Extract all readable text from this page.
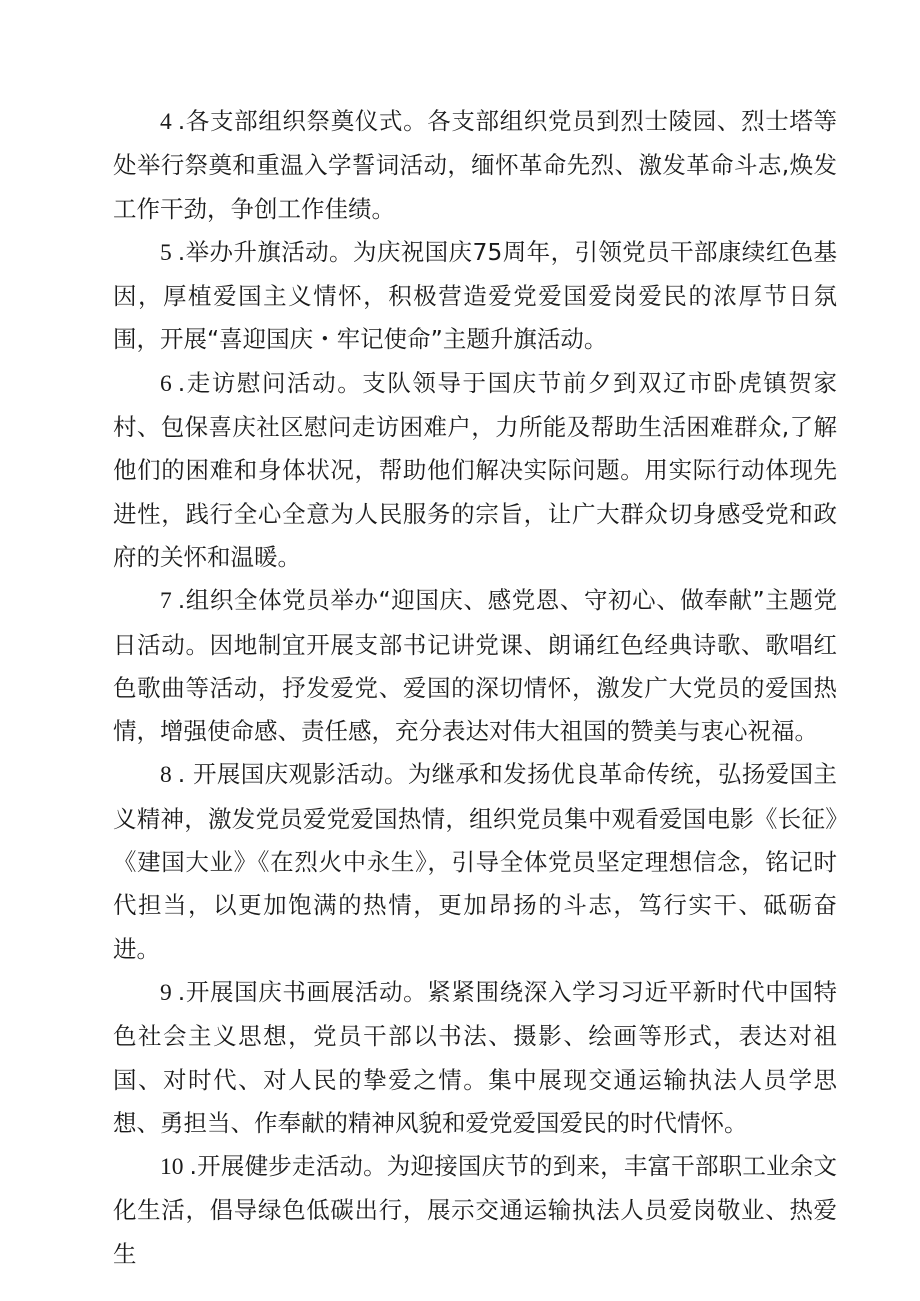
4 .各支部组织祭奠仪式。各支部组织党员到烈士陵园、烈士塔等处举行祭奠和重温入学誓词活动，缅怀革命先烈、激发革命斗志,焕发工作干劲，争创工作佳绩。

5 .举办升旗活动。为庆祝国庆75周年，引领党员干部康续红色基因，厚植爱国主义情怀，积极营造爱党爱国爱岗爱民的浓厚节日氛围，开展“喜迎国庆・牢记使命”主题升旗活动。

6 .走访慰问活动。支队领导于国庆节前夕到双辽市卧虎镇贺家村、包保喜庆社区慰问走访困难户，力所能及帮助生活困难群众,了解他们的困难和身体状况，帮助他们解决实际问题。用实际行动体现先进性，践行全心全意为人民服务的宗旨，让广大群众切身感受党和政府的关怀和温暖。

7 .组织全体党员举办“迎国庆、感党恩、守初心、做奉献”主题党日活动。因地制宜开展支部书记讲党课、朗诵红色经典诗歌、歌唱红色歌曲等活动，抒发爱党、爱国的深切情怀，激发广大党员的爱国热情，增强使命感、责任感，充分表达对伟大祖国的赞美与衷心祝福。

8 . 开展国庆观影活动。为继承和发扬优良革命传统，弘扬爱国主义精神，激发党员爱党爱国热情，组织党员集中观看爱国电影《长征》《建国大业》《在烈火中永生》，引导全体党员坚定理想信念，铭记时代担当，以更加饱满的热情，更加昂扬的斗志，笃行实干、砥砺奋进。

9 .开展国庆书画展活动。紧紧围绕深入学习习近平新时代中国特色社会主义思想，党员干部以书法、摄影、绘画等形式，表达对祖国、对时代、对人民的挚爱之情。集中展现交通运输执法人员学思想、勇担当、作奉献的精神风貌和爱党爱国爱民的时代情怀。

10 .开展健步走活动。为迎接国庆节的到来，丰富干部职工业余文化生活，倡导绿色低碳出行，展示交通运输执法人员爱岗敬业、热爱生
